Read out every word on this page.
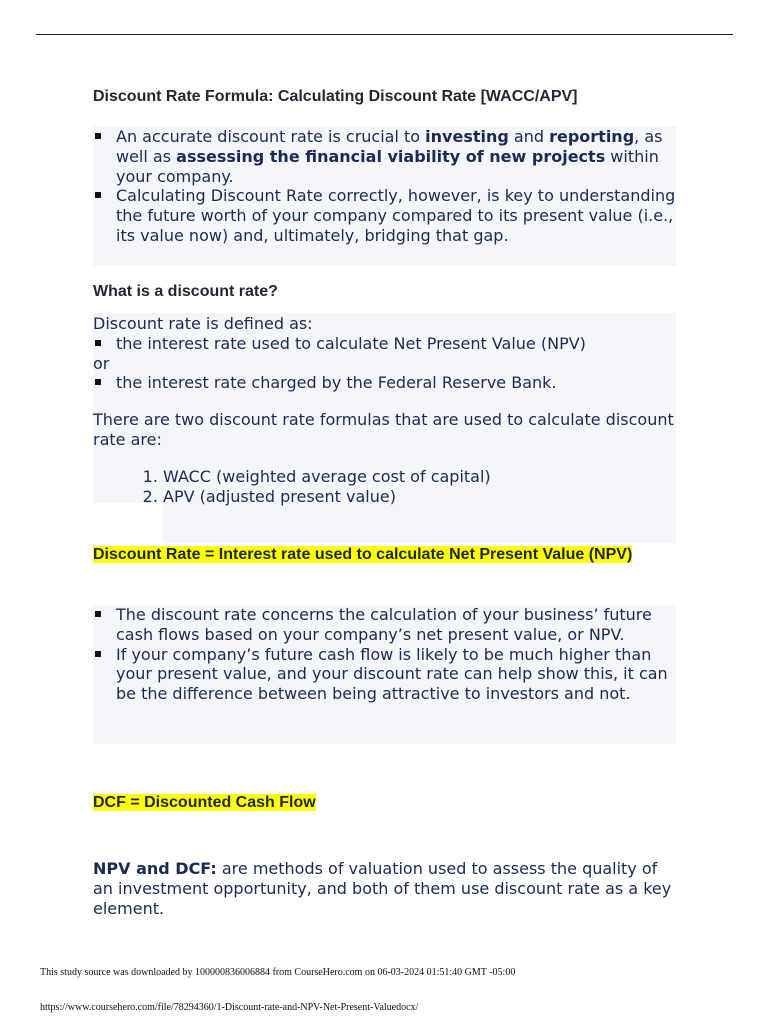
Discount Rate Formula: Calculating Discount Rate [WACC/APV]
An accurate discount rate is crucial to investing and reporting, as well as assessing the financial viability of new projects within your company.
Calculating Discount Rate correctly, however, is key to understanding the future worth of your company compared to its present value (i.e., its value now) and, ultimately, bridging that gap.
What is a discount rate?

Discount rate is defined as:

the interest rate used to calculate Net Present Value (NPV)

or

the interest rate charged by the Federal Reserve Bank.

There are two discount rate formulas that are used to calculate discount rate are:

1. WACC (weighted average cost of capital)
2. APV (adjusted present value)
Discount Rate = Interest rate used to calculate Net Present Value (NPV)
The discount rate concerns the calculation of your business’ future cash flows based on your company’s net present value, or NPV.
If your company’s future cash flow is likely to be much higher than your present value, and your discount rate can help show this, it can be the difference between being attractive to investors and not.
DCF = Discounted Cash Flow

NPV and DCF: are methods of valuation used to assess the quality of an investment opportunity, and both of them use discount rate as a key element.

This study source was downloaded by 100000836006884 from CourseHero.com on 06-03-2024 01:51:40 GMT -05:00
https://www.coursehero.com/file/78294360/1-Discount-rate-and-NPV-Net-Present-Valuedocx/
